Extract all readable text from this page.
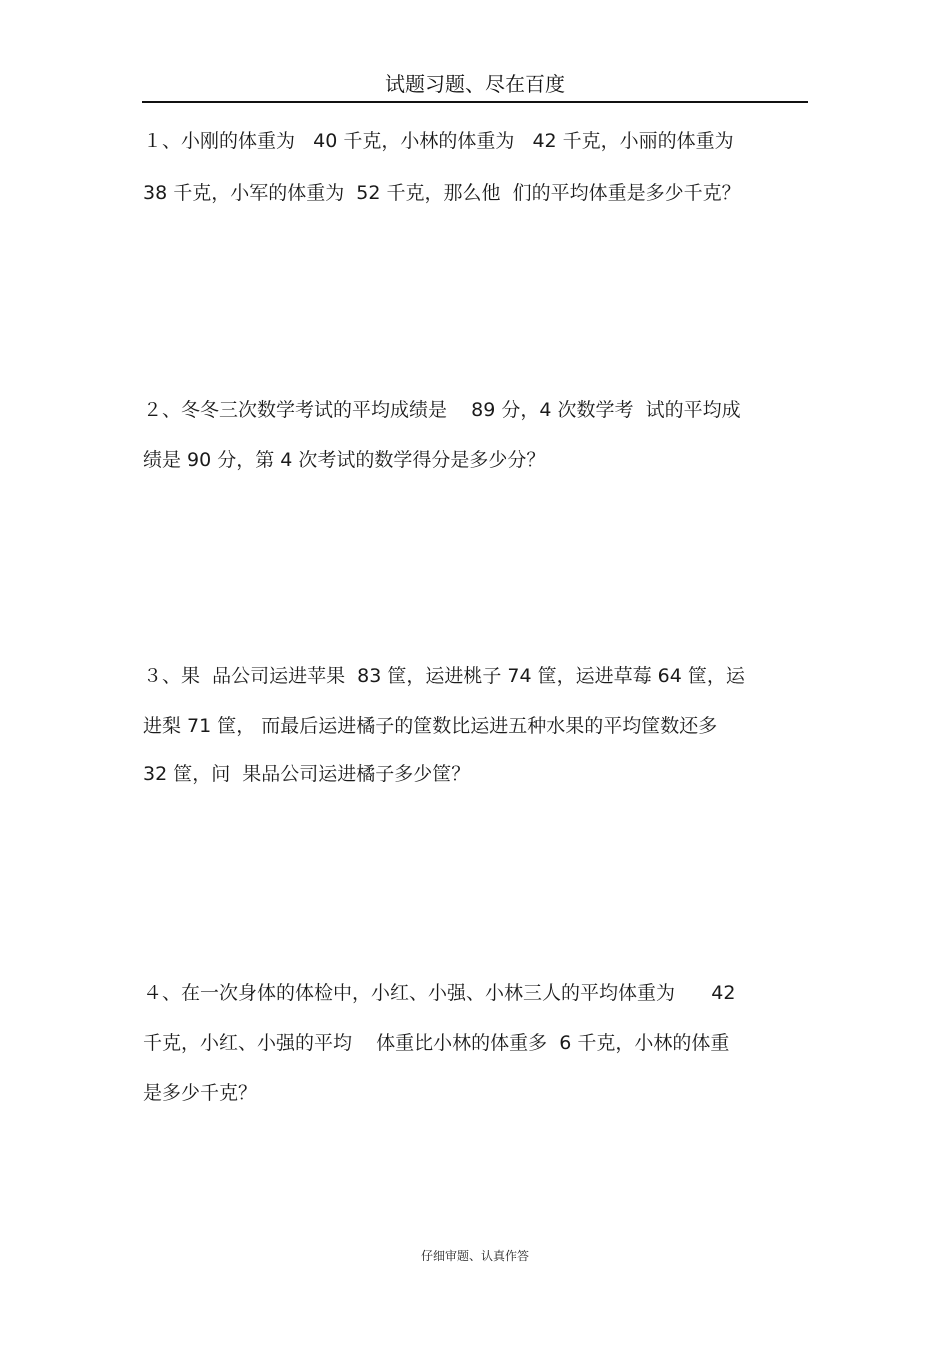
试题习题、尽在百度
１、小刚的体重为   40 千克，小林的体重为   42 千克，小丽的体重为
38 千克，小军的体重为  52 千克，那么他  们的平均体重是多少千克？
２、冬冬三次数学考试的平均成绩是    89 分，4 次数学考  试的平均成
绩是 90 分，第 4 次考试的数学得分是多少分？
３、果  品公司运进苹果  83 筐，运进桃子 74 筐，运进草莓 64 筐，运
进梨 71 筐， 而最后运进橘子的筐数比运进五种水果的平均筐数还多
32 筐，问  果品公司运进橘子多少筐？
４、在一次身体的体检中，小红、小强、小林三人的平均体重为      42
千克，小红、小强的平均    体重比小林的体重多  6 千克，小林的体重
是多少千克？
仔细审题、认真作答
